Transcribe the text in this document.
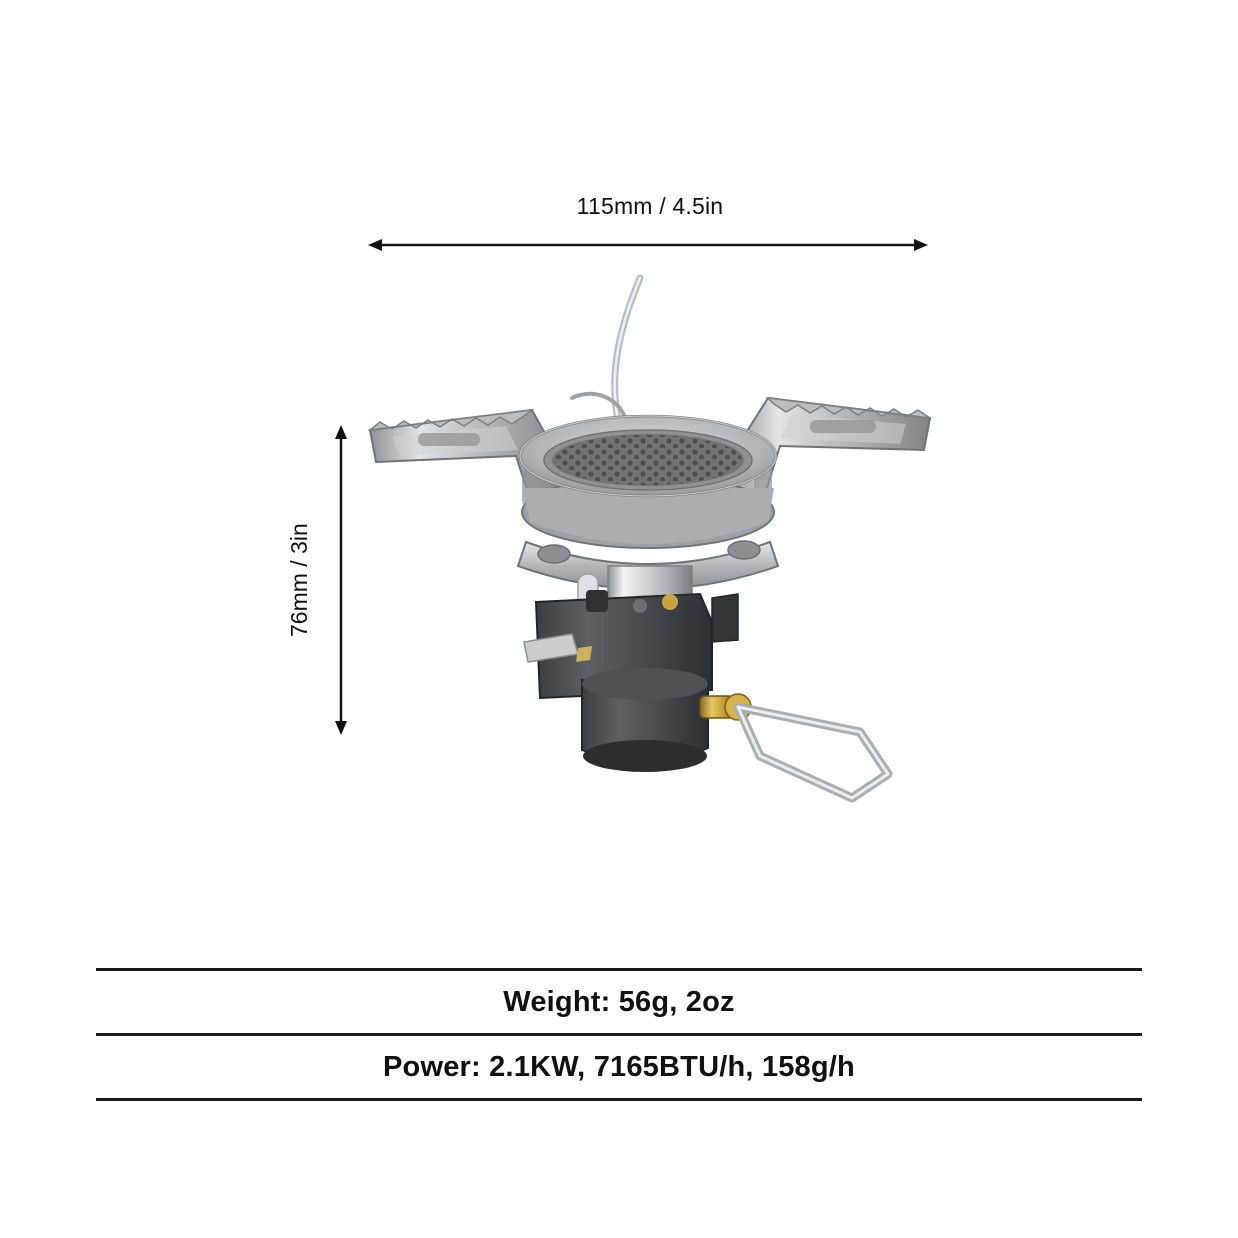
115mm / 4.5in
76mm / 3in
Weight: 56g, 2oz
Power: 2.1KW, 7165BTU/h, 158g/h
